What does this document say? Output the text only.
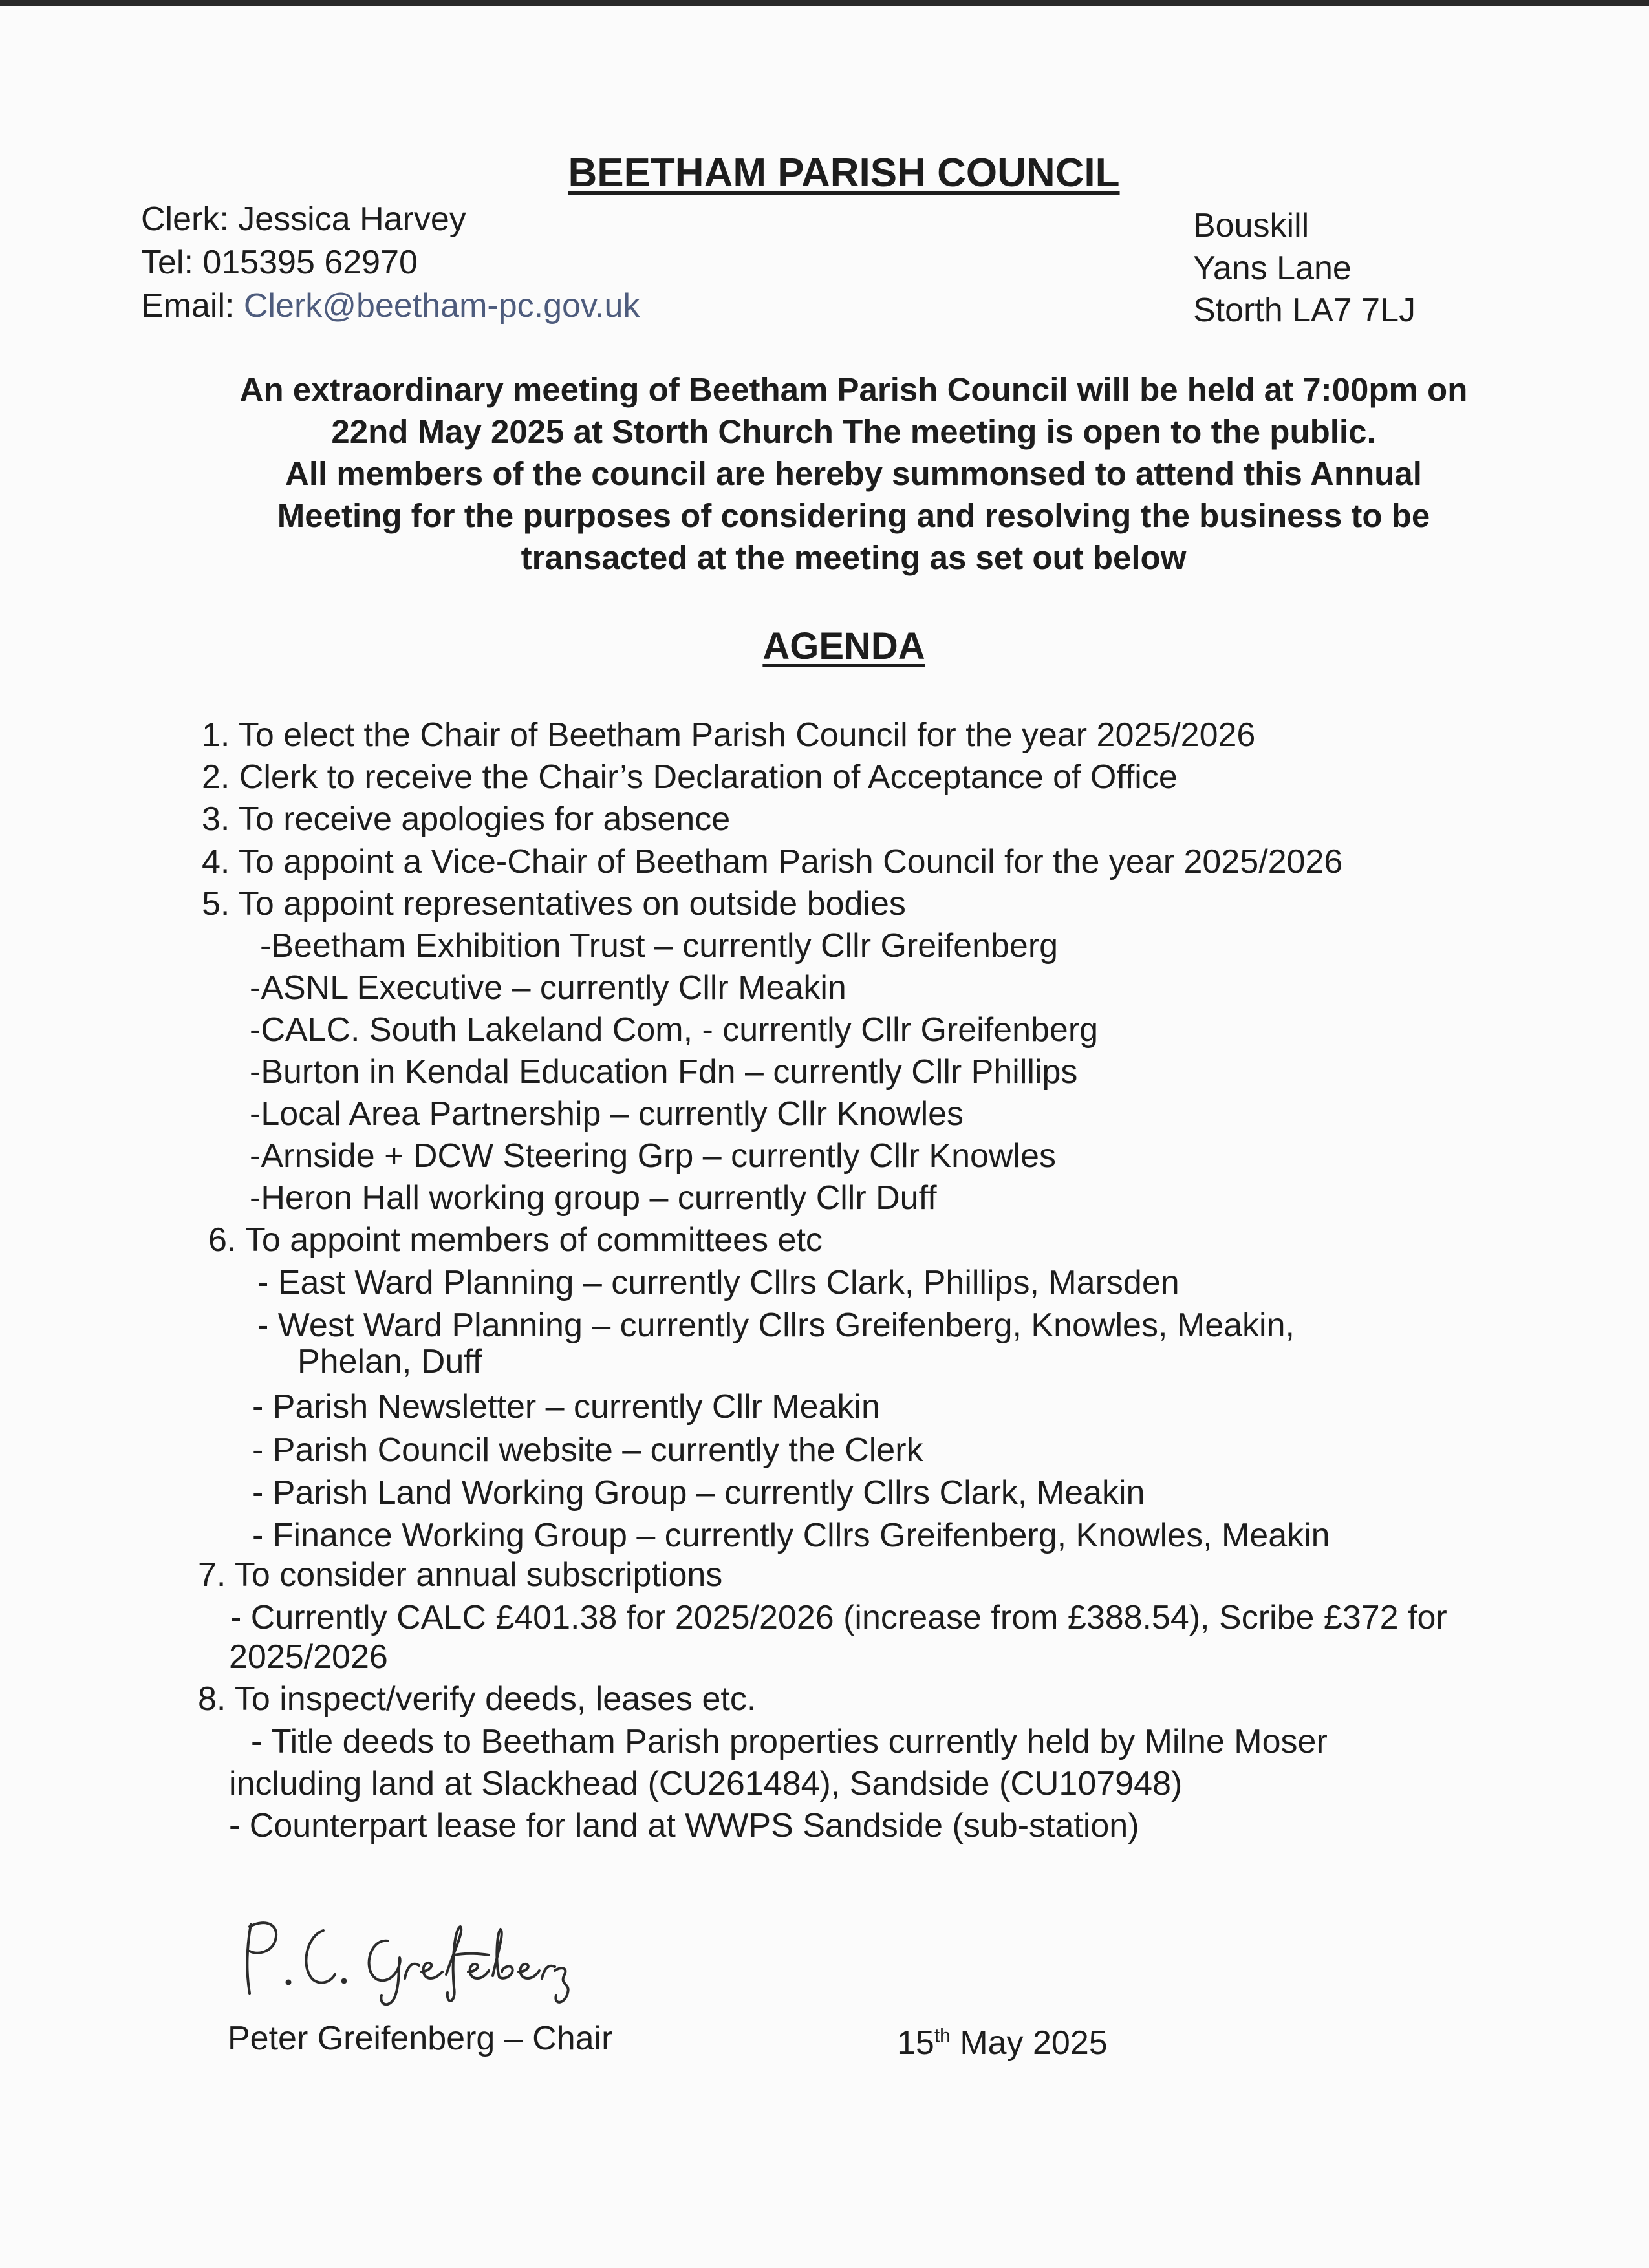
BEETHAM PARISH COUNCIL
Clerk: Jessica Harvey
Tel: 015395 62970
Email: Clerk@beetham-pc.gov.uk
Bouskill
Yans Lane
Storth LA7 7LJ
An extraordinary meeting of Beetham Parish Council will be held at 7:00pm on
22nd May 2025 at Storth Church The meeting is open to the public.
All members of the council are hereby summonsed to attend this Annual
Meeting for the purposes of considering and resolving the business to be
transacted at the meeting as set out below
AGENDA
1. To elect the Chair of Beetham Parish Council for the year 2025/2026
2. Clerk to receive the Chair’s Declaration of Acceptance of Office
3. To receive apologies for absence
4. To appoint a Vice-Chair of Beetham Parish Council for the year 2025/2026
5. To appoint representatives on outside bodies
-Beetham Exhibition Trust – currently Cllr Greifenberg
-ASNL Executive – currently Cllr Meakin
-CALC. South Lakeland Com, - currently Cllr Greifenberg
-Burton in Kendal Education Fdn – currently Cllr Phillips
-Local Area Partnership – currently Cllr Knowles
-Arnside + DCW Steering Grp – currently Cllr Knowles
-Heron Hall working group – currently Cllr Duff
6. To appoint members of committees etc
- East Ward Planning – currently Cllrs Clark, Phillips, Marsden
- West Ward Planning – currently Cllrs Greifenberg, Knowles, Meakin,
Phelan, Duff
- Parish Newsletter – currently Cllr Meakin
- Parish Council website – currently the Clerk
- Parish Land Working Group – currently Cllrs Clark, Meakin
- Finance Working Group – currently Cllrs Greifenberg, Knowles, Meakin
7. To consider annual subscriptions
- Currently CALC £401.38 for 2025/2026 (increase from £388.54), Scribe £372 for
2025/2026
8. To inspect/verify deeds, leases etc.
- Title deeds to Beetham Parish properties currently held by Milne Moser
including land at Slackhead (CU261484), Sandside (CU107948)
- Counterpart lease for land at WWPS Sandside (sub-station)
Peter Greifenberg – Chair	15th May 2025
